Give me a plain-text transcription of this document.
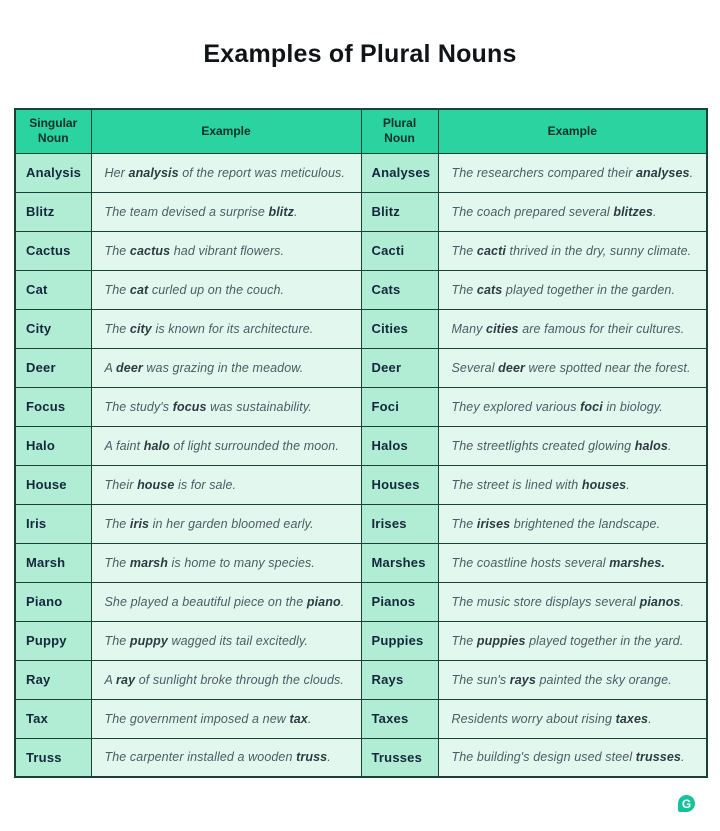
Examples of Plural Nouns
Singular Noun	Example	Plural Noun	Example
Analysis	Her analysis of the report was meticulous.	Analyses	The researchers compared their analyses.
Blitz	The team devised a surprise blitz.	Blitz	The coach prepared several blitzes.
Cactus	The cactus had vibrant flowers.	Cacti	The cacti thrived in the dry, sunny climate.
Cat	The cat curled up on the couch.	Cats	The cats played together in the garden.
City	The city is known for its architecture.	Cities	Many cities are famous for their cultures.
Deer	A deer was grazing in the meadow.	Deer	Several deer were spotted near the forest.
Focus	The study's focus was sustainability.	Foci	They explored various foci in biology.
Halo	A faint halo of light surrounded the moon.	Halos	The streetlights created glowing halos.
House	Their house is for sale.	Houses	The street is lined with houses.
Iris	The iris in her garden bloomed early.	Irises	The irises brightened the landscape.
Marsh	The marsh is home to many species.	Marshes	The coastline hosts several marshes.
Piano	She played a beautiful piece on the piano.	Pianos	The music store displays several pianos.
Puppy	The puppy wagged its tail excitedly.	Puppies	The puppies played together in the yard.
Ray	A ray of sunlight broke through the clouds.	Rays	The sun's rays painted the sky orange.
Tax	The government imposed a new tax.	Taxes	Residents worry about rising taxes.
Truss	The carpenter installed a wooden truss.	Trusses	The building's design used steel trusses.
G
